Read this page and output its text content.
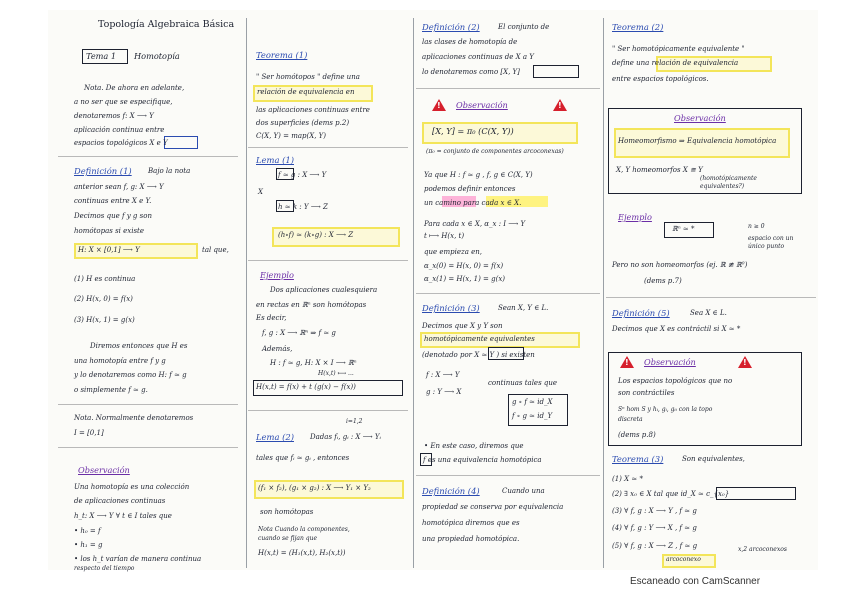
Topología Algebraica Básica
Tema 1 Homotopía
Nota. De ahora en adelante,
a no ser que se especifique,
denotaremos f: X ⟶ Y
aplicación continua entre
espacios topológicos X e Y
Definición (1) Bajo la nota
anterior sean f, g: X ⟶ Y
continuas entre X e Y.
Decimos que f y g son
homótopas si existe
H: X × [0,1] ⟶ Y	tal que,
(1) H es continua
(2) H(x, 0) = f(x)
(3) H(x, 1) = g(x)
Diremos entonces que H es
una homotopía entre f y g
y lo denotaremos como H: f ≃ g
o simplemente f ≃ g.
Nota. Normalmente denotaremos
I = [0,1]
Observación
Una homotopía es una colección
de aplicaciones continuas
h_t: X ⟶ Y ∀ t ∈ I tales que
• h₀ = f
• h₁ = g
• los h_t varían de manera continua
respecto del tiempo
Teorema (1)
" Ser homótopos " define una
relación de equivalencia en
las aplicaciones continuas entre
dos superficies (dems p.2)
C(X, Y) = map(X, Y)
Lema (1)
X
f ≃ g : X ⟶ Y
h ≃ k : Y ⟶ Z
(h∘f) ≃ (k∘g) : X ⟶ Z
Ejemplo
Dos aplicaciones cualesquiera
en rectas en ℝⁿ son homótopas
Es decir,
f, g : X ⟶ ℝⁿ ⇒ f ≃ g
Además,
H : f ≃ g, H: X × I ⟶ ℝⁿ
H(x,t) ⟼ ...
H(x,t) = f(x) + t (g(x) − f(x))
i=1,2
Lema (2) Dadas fᵢ, gᵢ : X ⟶ Yᵢ
tales que fᵢ ≃ gᵢ , entonces
(f₁ × f₂), (g₁ × g₂) : X ⟶ Y₁ × Y₂
son homótopas
Nota Cuando la componentes,
cuando se fijan que
H(x,t) = (H₁(x,t), H₂(x,t))
Definición (2)	El conjunto de
las clases de homotopía de
aplicaciones continuas de X a Y
lo denotaremos como [X, Y]
! Observación	!
[X, Y] = π₀ (C(X, Y))
(π₀ = conjunto de componentes arcoconexas)
Ya que H : f ≃ g , f, g ∈ C(X, Y)
podemos definir entonces
un camino para cada x ∈ X.
Para cada x ∈ X, α_x : I ⟶ Y
t ⟼ H(x, t)
que empieza en,
α_x(0) = H(x, 0) = f(x)
α_x(1) = H(x, 1) = g(x)
Definición (3)	Sean X, Y ∈ L.
Decimos que X y Y son
homotópicamente equivalentes
(denotado por X ≃ Y ) si existen
f : X ⟶ Y
g : Y ⟶ X
continuas tales que
g ∘ f ≃ id_X
f ∘ g ≃ id_Y
• En este caso, diremos que
f es una equivalencia homotópica
Definición (4)	Cuando una
propiedad se conserva por equivalencia
homotópica diremos que es
una propiedad homotópica.
Teorema (2)
" Ser homotópicamente equivalente "
define una relación de equivalencia
entre espacios topológicos.
Observación
Homeomorfismo ⇒ Equivalencia homotópica
X, Y homeomorfos X ≅ Y
(homotópicamente
equivalentes?)
Ejemplo
ℝⁿ ≃ *	n ≥ 0
espacio con un
único punto
Pero no son homeomorfos (ej. ℝ ≇ ℝ⁰)
(dems p.7)
Definición (5)	Sea X ∈ L.
Decimos que X es contráctil si X ≃ *
! Observación	!
Los espacios topológicos que no
son contráctiles
Sⁿ hom S y hᵢ, gᵢ, gᵢᵢ con la topo
discreta
(dems p.8)
Teorema (3)	Son equivalentes,
(1) X ≃ *
(2) ∃ x₀ ∈ X tal que id_X ≃ c_{x₀}
(3) ∀ f, g : X ⟶ Y , f ≃ g
(4) ∀ f, g : Y ⟶ X , f ≃ g
(5) ∀ f, g : X ⟶ Z , f ≃ g
arcoconexo
x,2 arcoconexos
Escaneado con CamScanner
